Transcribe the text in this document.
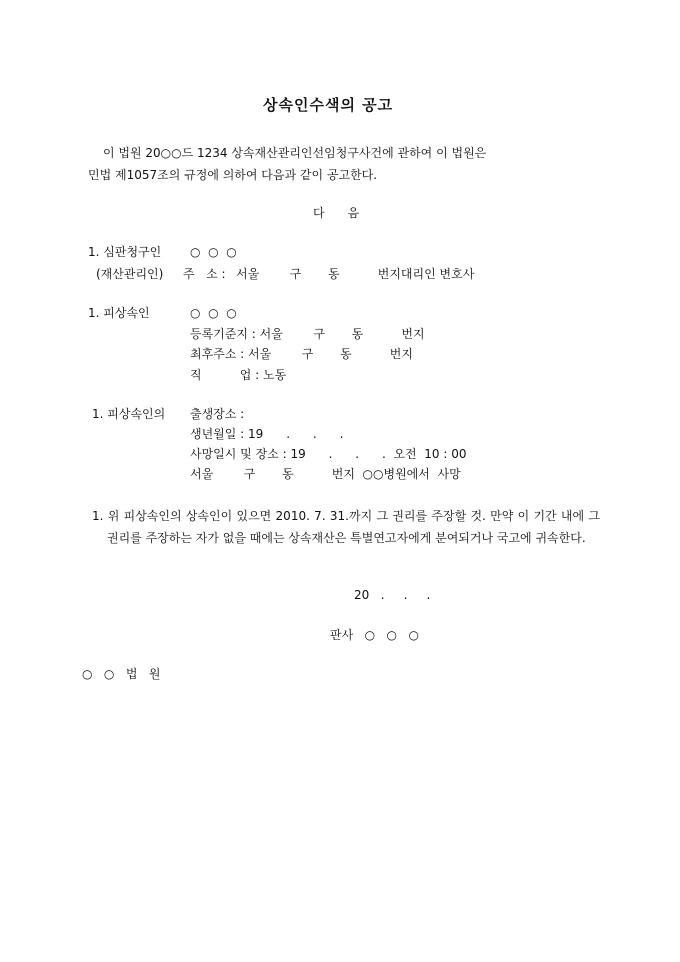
상속인수색의 공고
이 법원 20○○드 1234 상속재산관리인선임청구사건에 관하여 이 법원은
민법 제1057조의 규정에 의하여 다음과 같이 공고한다.
다      음
1. 심판청구인 ○  ○  ○
(재산관리인) 주   소 : 서울        구       동          번지대리인 변호사
1. 피상속인	○  ○  ○
등록기준지 : 서울        구       동          번지
최후주소 : 서울        구       동          번지
직          업 : 노동
1. 피상속인의 출생장소 :
생년월일 : 19      .      .      .
사망일시 및 장소 : 19      .      .      .  오전  10 : 00
서울        구       동          번지  ○○병원에서  사망
1. 위 피상속인의 상속인이 있으면 2010. 7. 31.까지 그 권리를 주장할 것. 만약 이 기간 내에 그 권리를 주장하는 자가 없을 때에는 상속재산은 특별연고자에게 분여되거나 국고에 귀속한다.
20   .     .     .
판사   ○   ○   ○
○   ○   법   원
